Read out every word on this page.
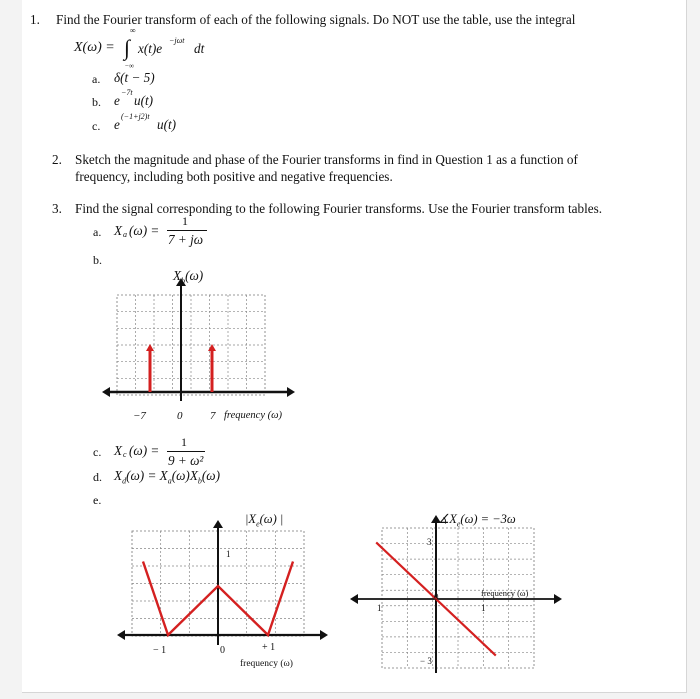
1. Find the Fourier transform of each of the following signals. Do NOT use the table, use the integral
X(ω) = ∫
∞
−∞
x(t)e
−jωt
dt
a. δ(t − 5)
b. e
−7t
u(t)
c. e
(−1+j2)t
u(t)
2. Sketch the magnitude and phase of the Fourier transforms in find in Question 1 as a function of
frequency, including both positive and negative frequencies.
3. Find the signal corresponding to the following Fourier transforms. Use the Fourier transform tables.
a. X a (ω) =
1
7 + jω
b.
$X_b(\omega)$
−7	0	7 frequency (ω)
c. X c (ω) =
1
9 + ω²
d. $X_d(\omega) = X_a(\omega)X_b(\omega)$
e.
$|X_e(\omega)$ |
1
− 1	0	+ 1
frequency (ω)
$∡X_e(\omega) = -3\omega$
3
− 3
0
1	1
frequency (ω)
